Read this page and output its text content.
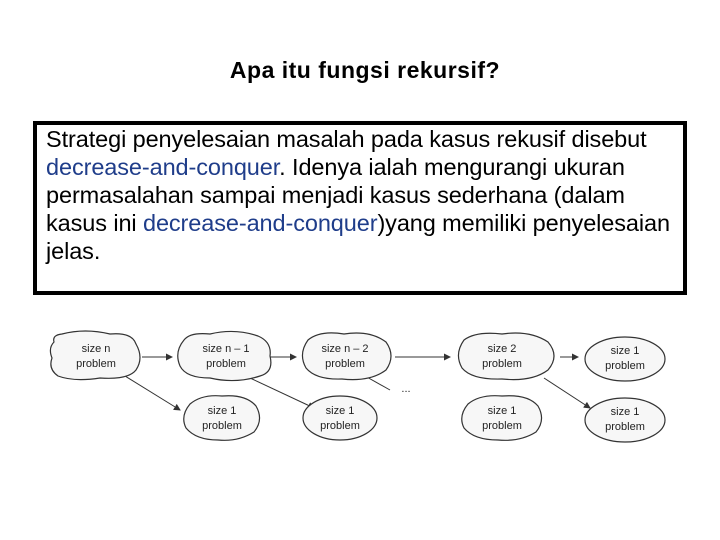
Apa itu fungsi rekursif?
Strategi penyelesaian masalah pada kasus rekusif disebut decrease-and-conquer. Idenya ialah mengurangi ukuran permasalahan sampai menjadi kasus sederhana (dalam kasus ini decrease-and-conquer)yang memiliki penyelesaian jelas.
size n
problem
size n – 1
problem
size n – 2
problem
size 2
problem
size 1
problem
...
size 1
problem
size 1
problem
size 1
problem
size 1
problem
